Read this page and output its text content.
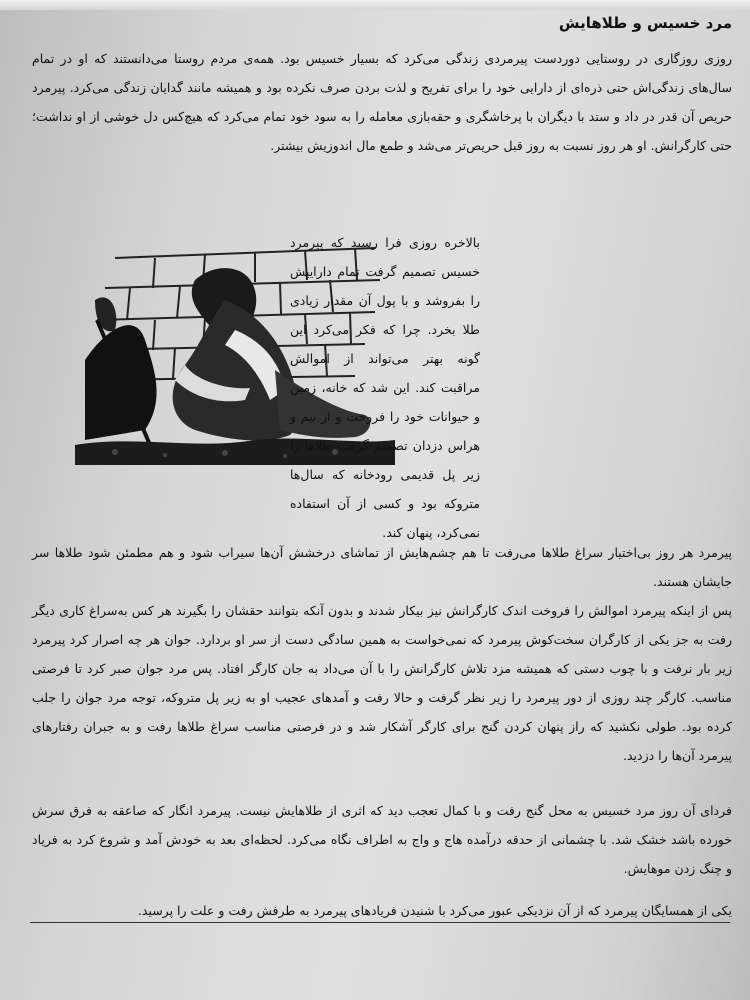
مرد خسیس و طلاهایش
روزی روزگاری در روستایی دوردست پیرمردی زندگی می‌کرد که بسیار خسیس بود. همه‌ی مردم روستا می‌دانستند که او در تمام سال‌های زندگی‌اش حتی ذره‌ای از دارایی خود را برای تفریح و لذت بردن صرف نکرده بود و همیشه مانند گدایان زندگی می‌کرد. پیرمرد حریص آن قدر در داد و ستد با دیگران با پرخاشگری و حقه‌بازی معامله را به سود خود تمام می‌کرد که هیچ‌کس دل خوشی از او نداشت؛ حتی کارگرانش. او هر روز نسبت به روز قبل حریص‌تر می‌شد و طمع مال اندوزیش بیشتر.
بالاخره روزی فرا رسید که پیرمرد خسیس تصمیم گرفت تمام داراییش را بفروشد و با پول آن مقدار زیادی طلا بخرد. چرا که فکر می‌کرد این گونه بهتر می‌تواند از اموالش مراقبت کند. این شد که خانه، زمین و حیوانات خود را فروخت و از بیم و هراس دزدان تصمیم گرفت طلاها را زیر پل قدیمی رودخانه که سال‌ها متروکه بود و کسی از آن استفاده نمی‌کرد، پنهان کند.
پیرمرد هر روز بی‌اختیار سراغ طلاها می‌رفت تا هم چشم‌هایش از تماشای درخشش آن‌ها سیراب شود و هم مطمئن شود طلاها سر جایشان هستند.
پس از اینکه پیرمرد اموالش را فروخت اندک کارگرانش نیز بیکار شدند و بدون آنکه بتوانند حقشان را بگیرند هر کس به‌سراغ کاری دیگر رفت به جز یکی از کارگران سخت‌کوش پیرمرد که نمی‌خواست به همین سادگی دست از سر او بردارد. جوان هر چه اصرار کرد پیرمرد زیر بار نرفت و با چوب دستی که همیشه مزد تلاش کارگرانش را با آن می‌داد به جان کارگر افتاد. پس مرد جوان صبر کرد تا فرصتی مناسب. کارگر چند روزی از دور پیرمرد را زیر نظر گرفت و حالا رفت و آمدهای عجیب او به زیر پل متروکه، توجه مرد جوان را جلب کرده بود. طولی نکشید که راز پنهان کردن گنج برای کارگر آشکار شد و در فرصتی مناسب سراغ طلاها رفت و به جبران رفتارهای پیرمرد آن‌ها را دزدید.
فردای آن روز مرد خسیس به محل گنج رفت و با کمال تعجب دید که اثری از طلاهایش نیست. پیرمرد انگار که صاعقه به فرق سرش خورده باشد خشک شد. با چشمانی از حدقه درآمده هاج و واج به اطراف نگاه می‌کرد. لحظه‌ای بعد به خودش آمد و شروع کرد به فریاد و چنگ زدن موهایش.
یکی از همسایگان پیرمرد که از آن نزدیکی عبور می‌کرد با شنیدن فریادهای پیرمرد به طرفش رفت و علت را پرسید.
